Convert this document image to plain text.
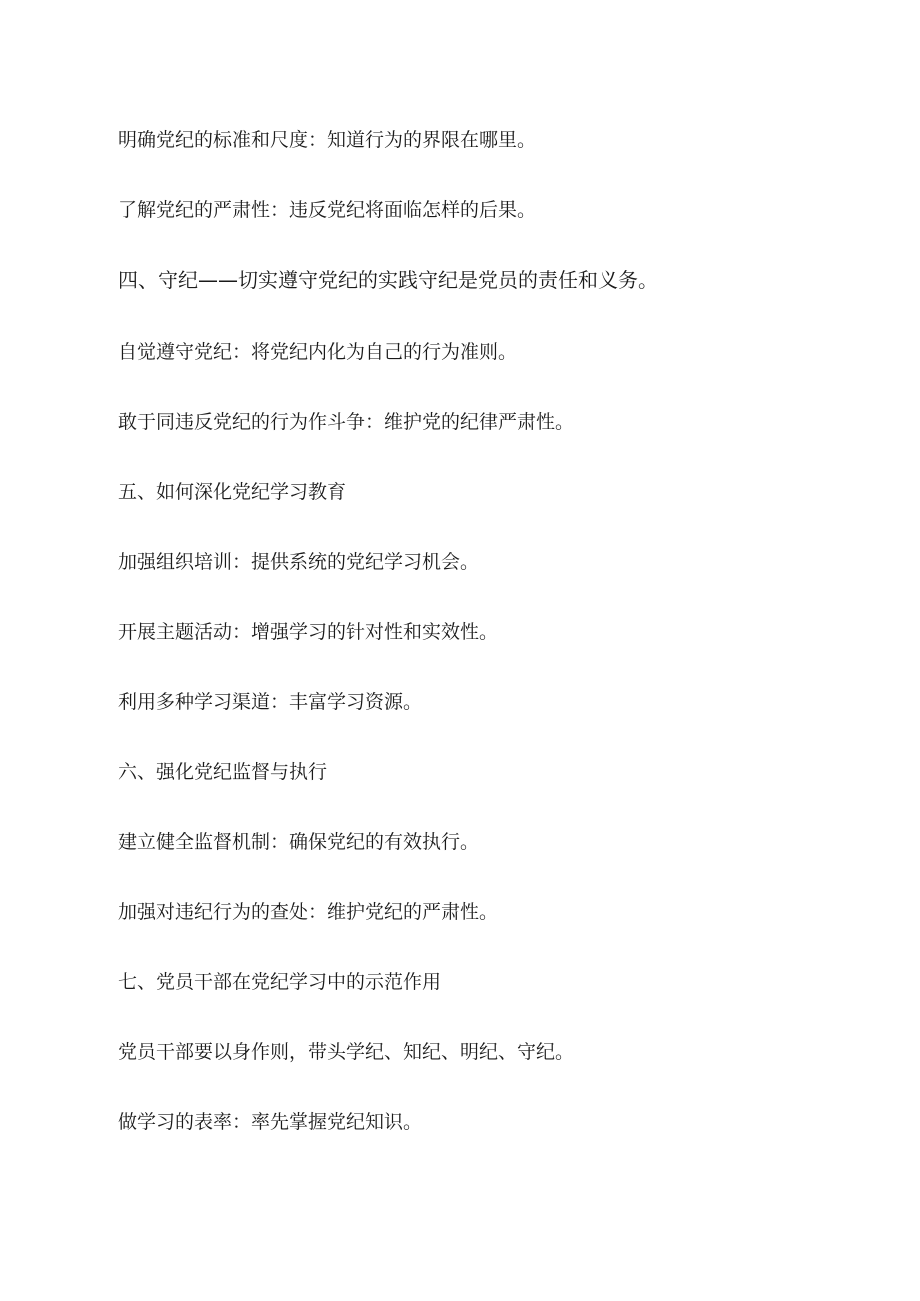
明确党纪的标准和尺度：知道行为的界限在哪里。
了解党纪的严肃性：违反党纪将面临怎样的后果。
四、守纪——切实遵守党纪的实践守纪是党员的责任和义务。
自觉遵守党纪：将党纪内化为自己的行为准则。
敢于同违反党纪的行为作斗争：维护党的纪律严肃性。
五、如何深化党纪学习教育
加强组织培训：提供系统的党纪学习机会。
开展主题活动：增强学习的针对性和实效性。
利用多种学习渠道：丰富学习资源。
六、强化党纪监督与执行
建立健全监督机制：确保党纪的有效执行。
加强对违纪行为的查处：维护党纪的严肃性。
七、党员干部在党纪学习中的示范作用
党员干部要以身作则，带头学纪、知纪、明纪、守纪。
做学习的表率：率先掌握党纪知识。
